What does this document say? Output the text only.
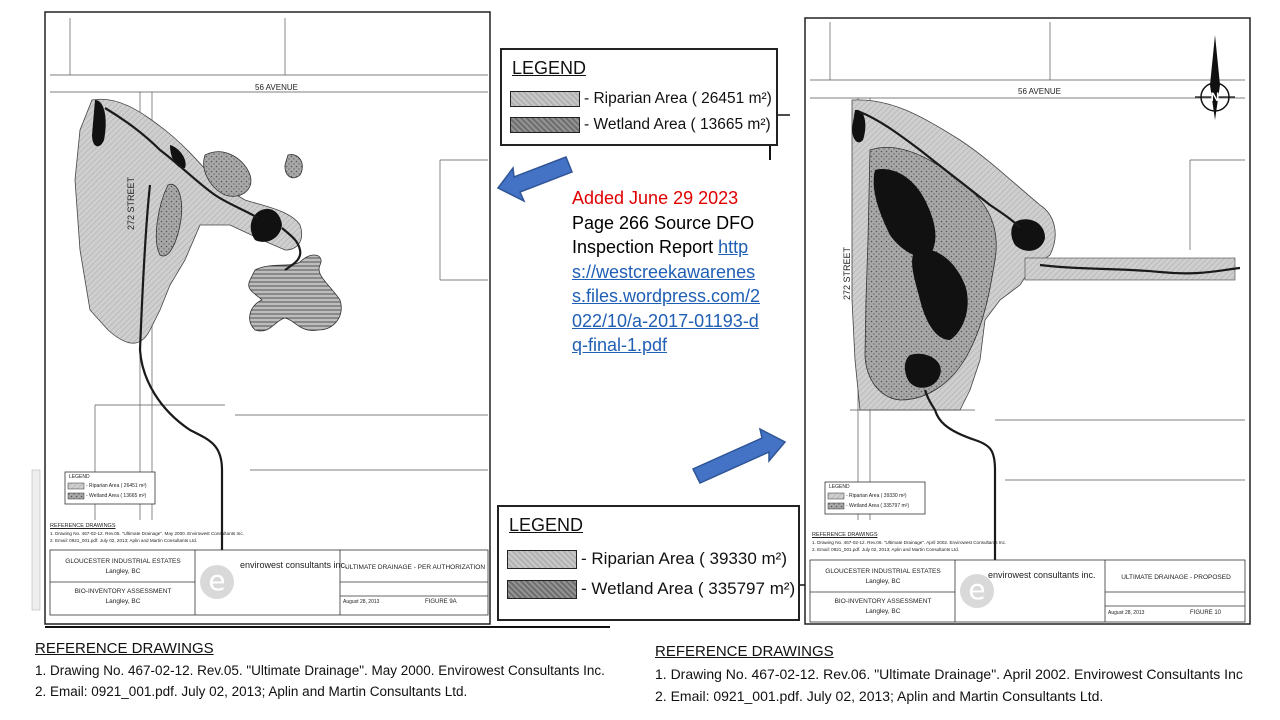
N
56 AVENUE
272 STREET
LEGEND
- Riparian Area ( 26451 m²)
- Wetland Area ( 13665 m²)
REFERENCE DRAWINGS
1. Drawing No. 467-02-12. Rev.05. "Ultimate Drainage". May 2000. Envirowest Consultants Inc.
2. Email: 0921_001.pdf. July 02, 2013; Aplin and Martin Consultants Ltd.
GLOUCESTER INDUSTRIAL ESTATES
Langley, BC
BIO-INVENTORY ASSESSMENT
Langley, BC
e	envirowest consultants inc.
ULTIMATE DRAINAGE - PER AUTHORIZATION
August 28, 2013	FIGURE 9A
56 AVENUE
272 STREET
LEGEND
- Riparian Area ( 39330 m²)
- Wetland Area ( 335797 m²)
REFERENCE DRAWINGS
1. Drawing No. 467-02-12. Rev.06. "Ultimate Drainage". April 2002. Envirowest Consultants Inc.
2. Email: 0921_001.pdf. July 02, 2013; Aplin and Martin Consultants Ltd.
GLOUCESTER INDUSTRIAL ESTATES
Langley, BC
BIO-INVENTORY ASSESSMENT
Langley, BC
e envirowest consultants inc.	ULTIMATE DRAINAGE - PROPOSED
August 28, 2013	FIGURE 10
LEGEND
- Riparian Area ( 26451 m²)
- Wetland Area ( 13665 m²)
LEGEND
- Riparian Area ( 39330 m²)
- Wetland Area ( 335797 m²)
Added June 29 2023 Page 266 Source DFO Inspection Report https://westcreekawareness.files.wordpress.com/2022/10/a-2017-01193-dq-final-1.pdf
REFERENCE DRAWINGS
1. Drawing No. 467-02-12. Rev.05. "Ultimate Drainage". May 2000. Envirowest Consultants Inc.
2. Email: 0921_001.pdf. July 02, 2013; Aplin and Martin Consultants Ltd.
REFERENCE DRAWINGS
1. Drawing No. 467-02-12. Rev.06. "Ultimate Drainage". April 2002. Envirowest Consultants Inc
2. Email: 0921_001.pdf. July 02, 2013; Aplin and Martin Consultants Ltd.
